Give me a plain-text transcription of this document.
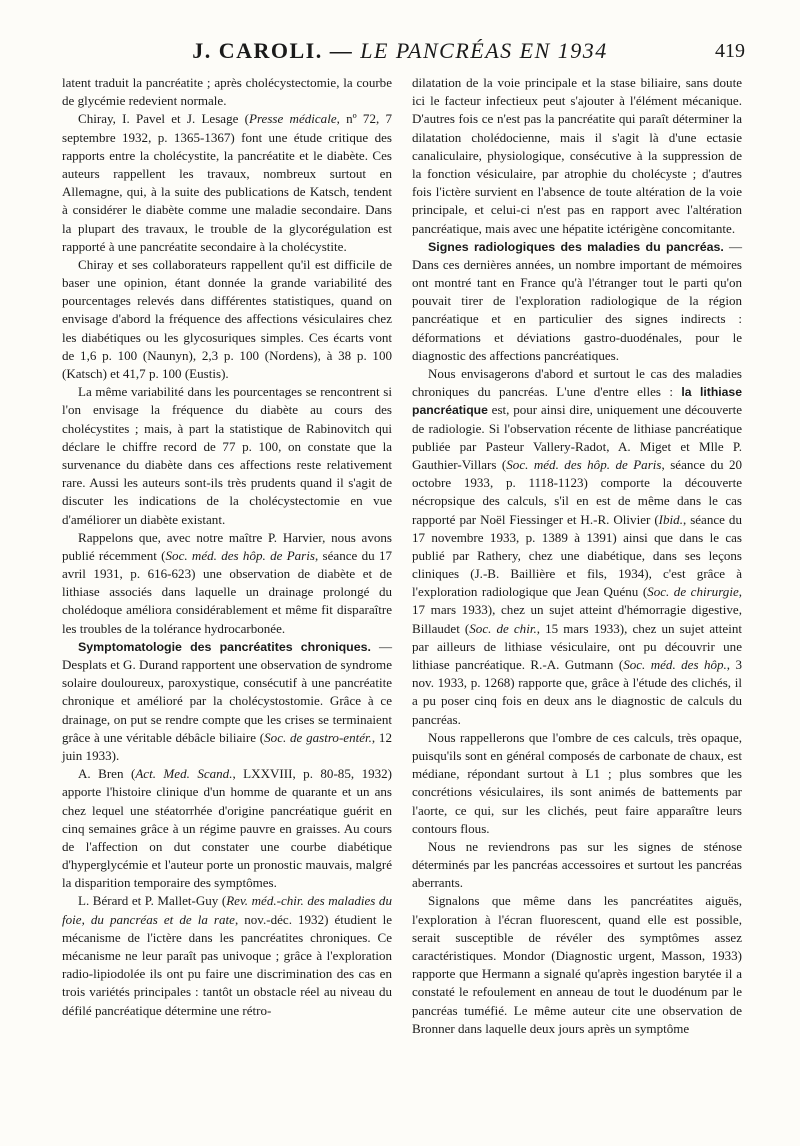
J. CAROLI. — LE PANCRÉAS EN 1934	419

latent traduit la pancréatite ; après cholécystectomie, la courbe de glycémie redevient normale.

Chiray, I. Pavel et J. Lesage (Presse médicale, nº 72, 7 septembre 1932, p. 1365-1367) font une étude critique des rapports entre la cholécystite, la pancréatite et le diabète. Ces auteurs rappellent les travaux, nombreux surtout en Allemagne, qui, à la suite des publications de Katsch, tendent à considérer le diabète comme une maladie secondaire. Dans la plupart des travaux, le trouble de la glycorégulation est rapporté à une pancréatite secondaire à la cholécystite.

Chiray et ses collaborateurs rappellent qu'il est difficile de baser une opinion, étant donnée la grande variabilité des pourcentages relevés dans différentes statistiques, quand on envisage d'abord la fréquence des affections vésiculaires chez les diabétiques ou les glycosuriques simples. Ces écarts vont de 1,6 p. 100 (Naunyn), 2,3 p. 100 (Nordens), à 38 p. 100 (Katsch) et 41,7 p. 100 (Eustis).

La même variabilité dans les pourcentages se rencontrent si l'on envisage la fréquence du diabète au cours des cholécystites ; mais, à part la statistique de Rabinovitch qui déclare le chiffre record de 77 p. 100, on constate que la survenance du diabète dans ces affections reste relativement rare. Aussi les auteurs sont-ils très prudents quand il s'agit de discuter les indications de la cholécystectomie en vue d'améliorer un diabète existant.

Rappelons que, avec notre maître P. Harvier, nous avons publié récemment (Soc. méd. des hôp. de Paris, séance du 17 avril 1931, p. 616-623) une observation de diabète et de lithiase associés dans laquelle un drainage prolongé du cholédoque améliora considérablement et même fit disparaître les troubles de la tolérance hydrocarbonée.

Symptomatologie des pancréatites chroniques. — Desplats et G. Durand rapportent une observation de syndrome solaire douloureux, paroxystique, consécutif à une pancréatite chronique et amélioré par la cholécystostomie. Grâce à ce drainage, on put se rendre compte que les crises se terminaient grâce à une véritable débâcle biliaire (Soc. de gastro-entér., 12 juin 1933).

A. Bren (Act. Med. Scand., LXXVIII, p. 80-85, 1932) apporte l'histoire clinique d'un homme de quarante et un ans chez lequel une stéatorrhée d'origine pancréatique guérit en cinq semaines grâce à un régime pauvre en graisses. Au cours de l'affection on dut constater une courbe diabétique d'hyperglycémie et l'auteur porte un pronostic mauvais, malgré la disparition temporaire des symptômes.

L. Bérard et P. Mallet-Guy (Rev. méd.-chir. des maladies du foie, du pancréas et de la rate, nov.-déc. 1932) étudient le mécanisme de l'ictère dans les pancréatites chroniques. Ce mécanisme ne leur paraît pas univoque ; grâce à l'exploration radio-lipiodolée ils ont pu faire une discrimination des cas en trois variétés principales : tantôt un obstacle réel au niveau du défilé pancréatique détermine une rétro-

dilatation de la voie principale et la stase biliaire, sans doute ici le facteur infectieux peut s'ajouter à l'élément mécanique. D'autres fois ce n'est pas la pancréatite qui paraît déterminer la dilatation cholédocienne, mais il s'agit là d'une ectasie canaliculaire, physiologique, consécutive à la suppression de la fonction vésiculaire, par atrophie du cholécyste ; d'autres fois l'ictère survient en l'absence de toute altération de la voie principale, et celui-ci n'est pas en rapport avec l'altération pancréatique, mais avec une hépatite ictérigène concomitante.

Signes radiologiques des maladies du pancréas. — Dans ces dernières années, un nombre important de mémoires ont montré tant en France qu'à l'étranger tout le parti qu'on pouvait tirer de l'exploration radiologique de la région pancréatique et en particulier des signes indirects : déformations et déviations gastro-duodénales, pour le diagnostic des affections pancréatiques.

Nous envisagerons d'abord et surtout le cas des maladies chroniques du pancréas. L'une d'entre elles : la lithiase pancréatique est, pour ainsi dire, uniquement une découverte de radiologie. Si l'observation récente de lithiase pancréatique publiée par Pasteur Vallery-Radot, A. Miget et Mlle P. Gauthier-Villars (Soc. méd. des hôp. de Paris, séance du 20 octobre 1933, p. 1118-1123) comporte la découverte nécropsique des calculs, s'il en est de même dans le cas rapporté par Noël Fiessinger et H.-R. Olivier (Ibid., séance du 17 novembre 1933, p. 1389 à 1391) ainsi que dans le cas publié par Rathery, chez une diabétique, dans ses leçons cliniques (J.-B. Baillière et fils, 1934), c'est grâce à l'exploration radiologique que Jean Quénu (Soc. de chirurgie, 17 mars 1933), chez un sujet atteint d'hémorragie digestive, Billaudet (Soc. de chir., 15 mars 1933), chez un sujet atteint par ailleurs de lithiase vésiculaire, ont pu découvrir une lithiase pancréatique. R.-A. Gutmann (Soc. méd. des hôp., 3 nov. 1933, p. 1268) rapporte que, grâce à l'étude des clichés, il a pu poser cinq fois en deux ans le diagnostic de calculs du pancréas.

Nous rappellerons que l'ombre de ces calculs, très opaque, puisqu'ils sont en général composés de carbonate de chaux, est médiane, répondant surtout à L1 ; plus sombres que les concrétions vésiculaires, ils sont animés de battements par l'aorte, ce qui, sur les clichés, peut faire apparaître leurs contours flous.

Nous ne reviendrons pas sur les signes de sténose déterminés par les pancréas accessoires et surtout les pancréas aberrants.

Signalons que même dans les pancréatites aiguës, l'exploration à l'écran fluorescent, quand elle est possible, serait susceptible de révéler des symptômes assez caractéristiques. Mondor (Diagnostic urgent, Masson, 1933) rapporte que Hermann a signalé qu'après ingestion barytée il a constaté le refoulement en anneau de tout le duodénum par le pancréas tuméfié. Le même auteur cite une observation de Bronner dans laquelle deux jours après un symptôme
